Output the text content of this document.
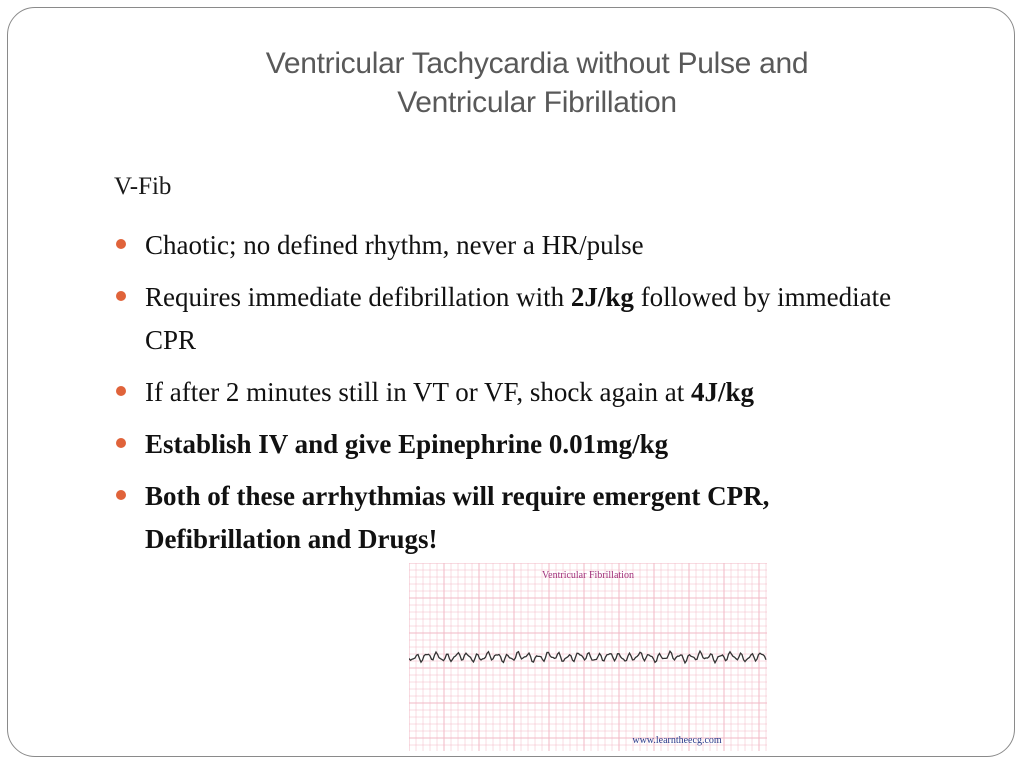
Ventricular Tachycardia without Pulse and
Ventricular Fibrillation
V-Fib
Chaotic; no defined rhythm, never a HR/pulse
Requires immediate defibrillation with 2J/kg followed by immediate CPR
If after 2 minutes still in VT or VF, shock again at 4J/kg
Establish IV and give Epinephrine 0.01mg/kg
Both of these arrhythmias will require emergent CPR, Defibrillation and Drugs!
Ventricular Fibrillation
www.learntheecg.com
